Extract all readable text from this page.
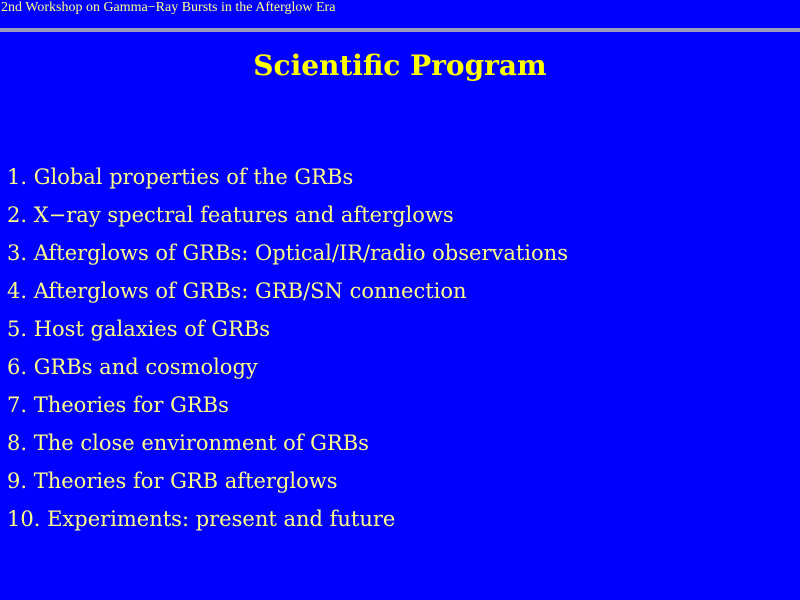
2nd Workshop on Gamma−Ray Bursts in the Afterglow Era
Scientific Program
1. Global properties of the GRBs
2. X−ray spectral features and afterglows
3. Afterglows of GRBs: Optical/IR/radio observations
4. Afterglows of GRBs: GRB/SN connection
5. Host galaxies of GRBs
6. GRBs and cosmology
7. Theories for GRBs
8. The close environment of GRBs
9. Theories for GRB afterglows
10. Experiments: present and future
